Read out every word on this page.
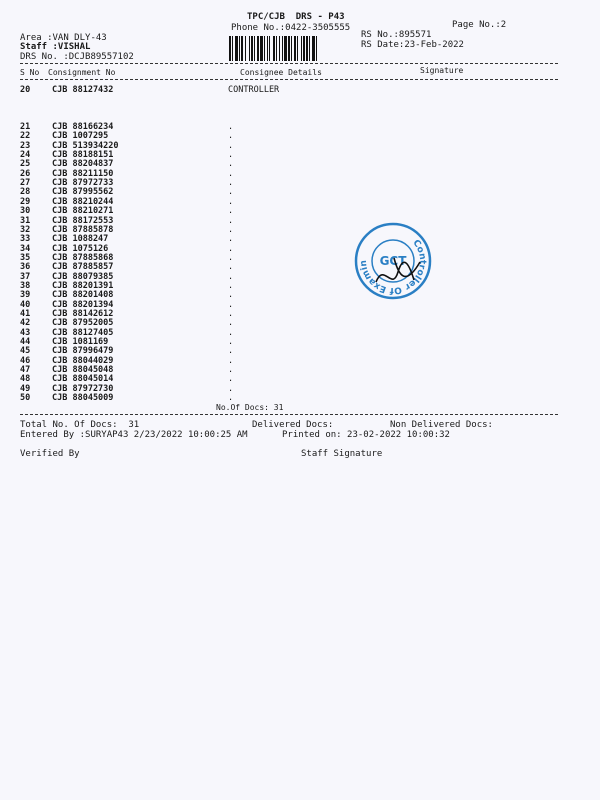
TPC/CJB  DRS - P43
Phone No.:0422-3505555	Page No.:2
Area :VAN DLY-43
Staff :VISHAL
DRS No. :DCJB89557102
RS No.:895571
RS Date:23-Feb-2022
S No Consignment No	Consignee Details	Signature
20	CJB 88127432	CONTROLLER
21	CJB 88166234	.
22	CJB 1007295	.
23	CJB 513934220	.
24	CJB 88188151	.
25	CJB 88204837	.
26	CJB 88211150	.
27	CJB 87972733	.
28	CJB 87995562	.
29	CJB 88210244	.
30	CJB 88210271	.
31	CJB 88172553	.
32	CJB 87885878	.
33	CJB 1088247	.
34	CJB 1075126	.
35	CJB 87885868	.
36	CJB 87885857	.
37	CJB 88079385	.
38	CJB 88201391	.
39	CJB 88201408	.
40	CJB 88201394	.
41	CJB 88142612	.
42	CJB 87952005	.
43	CJB 88127405	.
44	CJB 1081169	.
45	CJB 87996479	.
46	CJB 88044029	.
47	CJB 88045048	.
48	CJB 88045014	.
49	CJB 87972730	.
50	CJB 88045009	.
Controller Of Examin GCT
No.Of Docs: 31
Total No. Of Docs:  31	Delivered Docs:	Non Delivered Docs:
Entered By :SURYAP43 2/23/2022 10:00:25 AM	Printed on: 23-02-2022 10:00:32
Verified By	Staff Signature
